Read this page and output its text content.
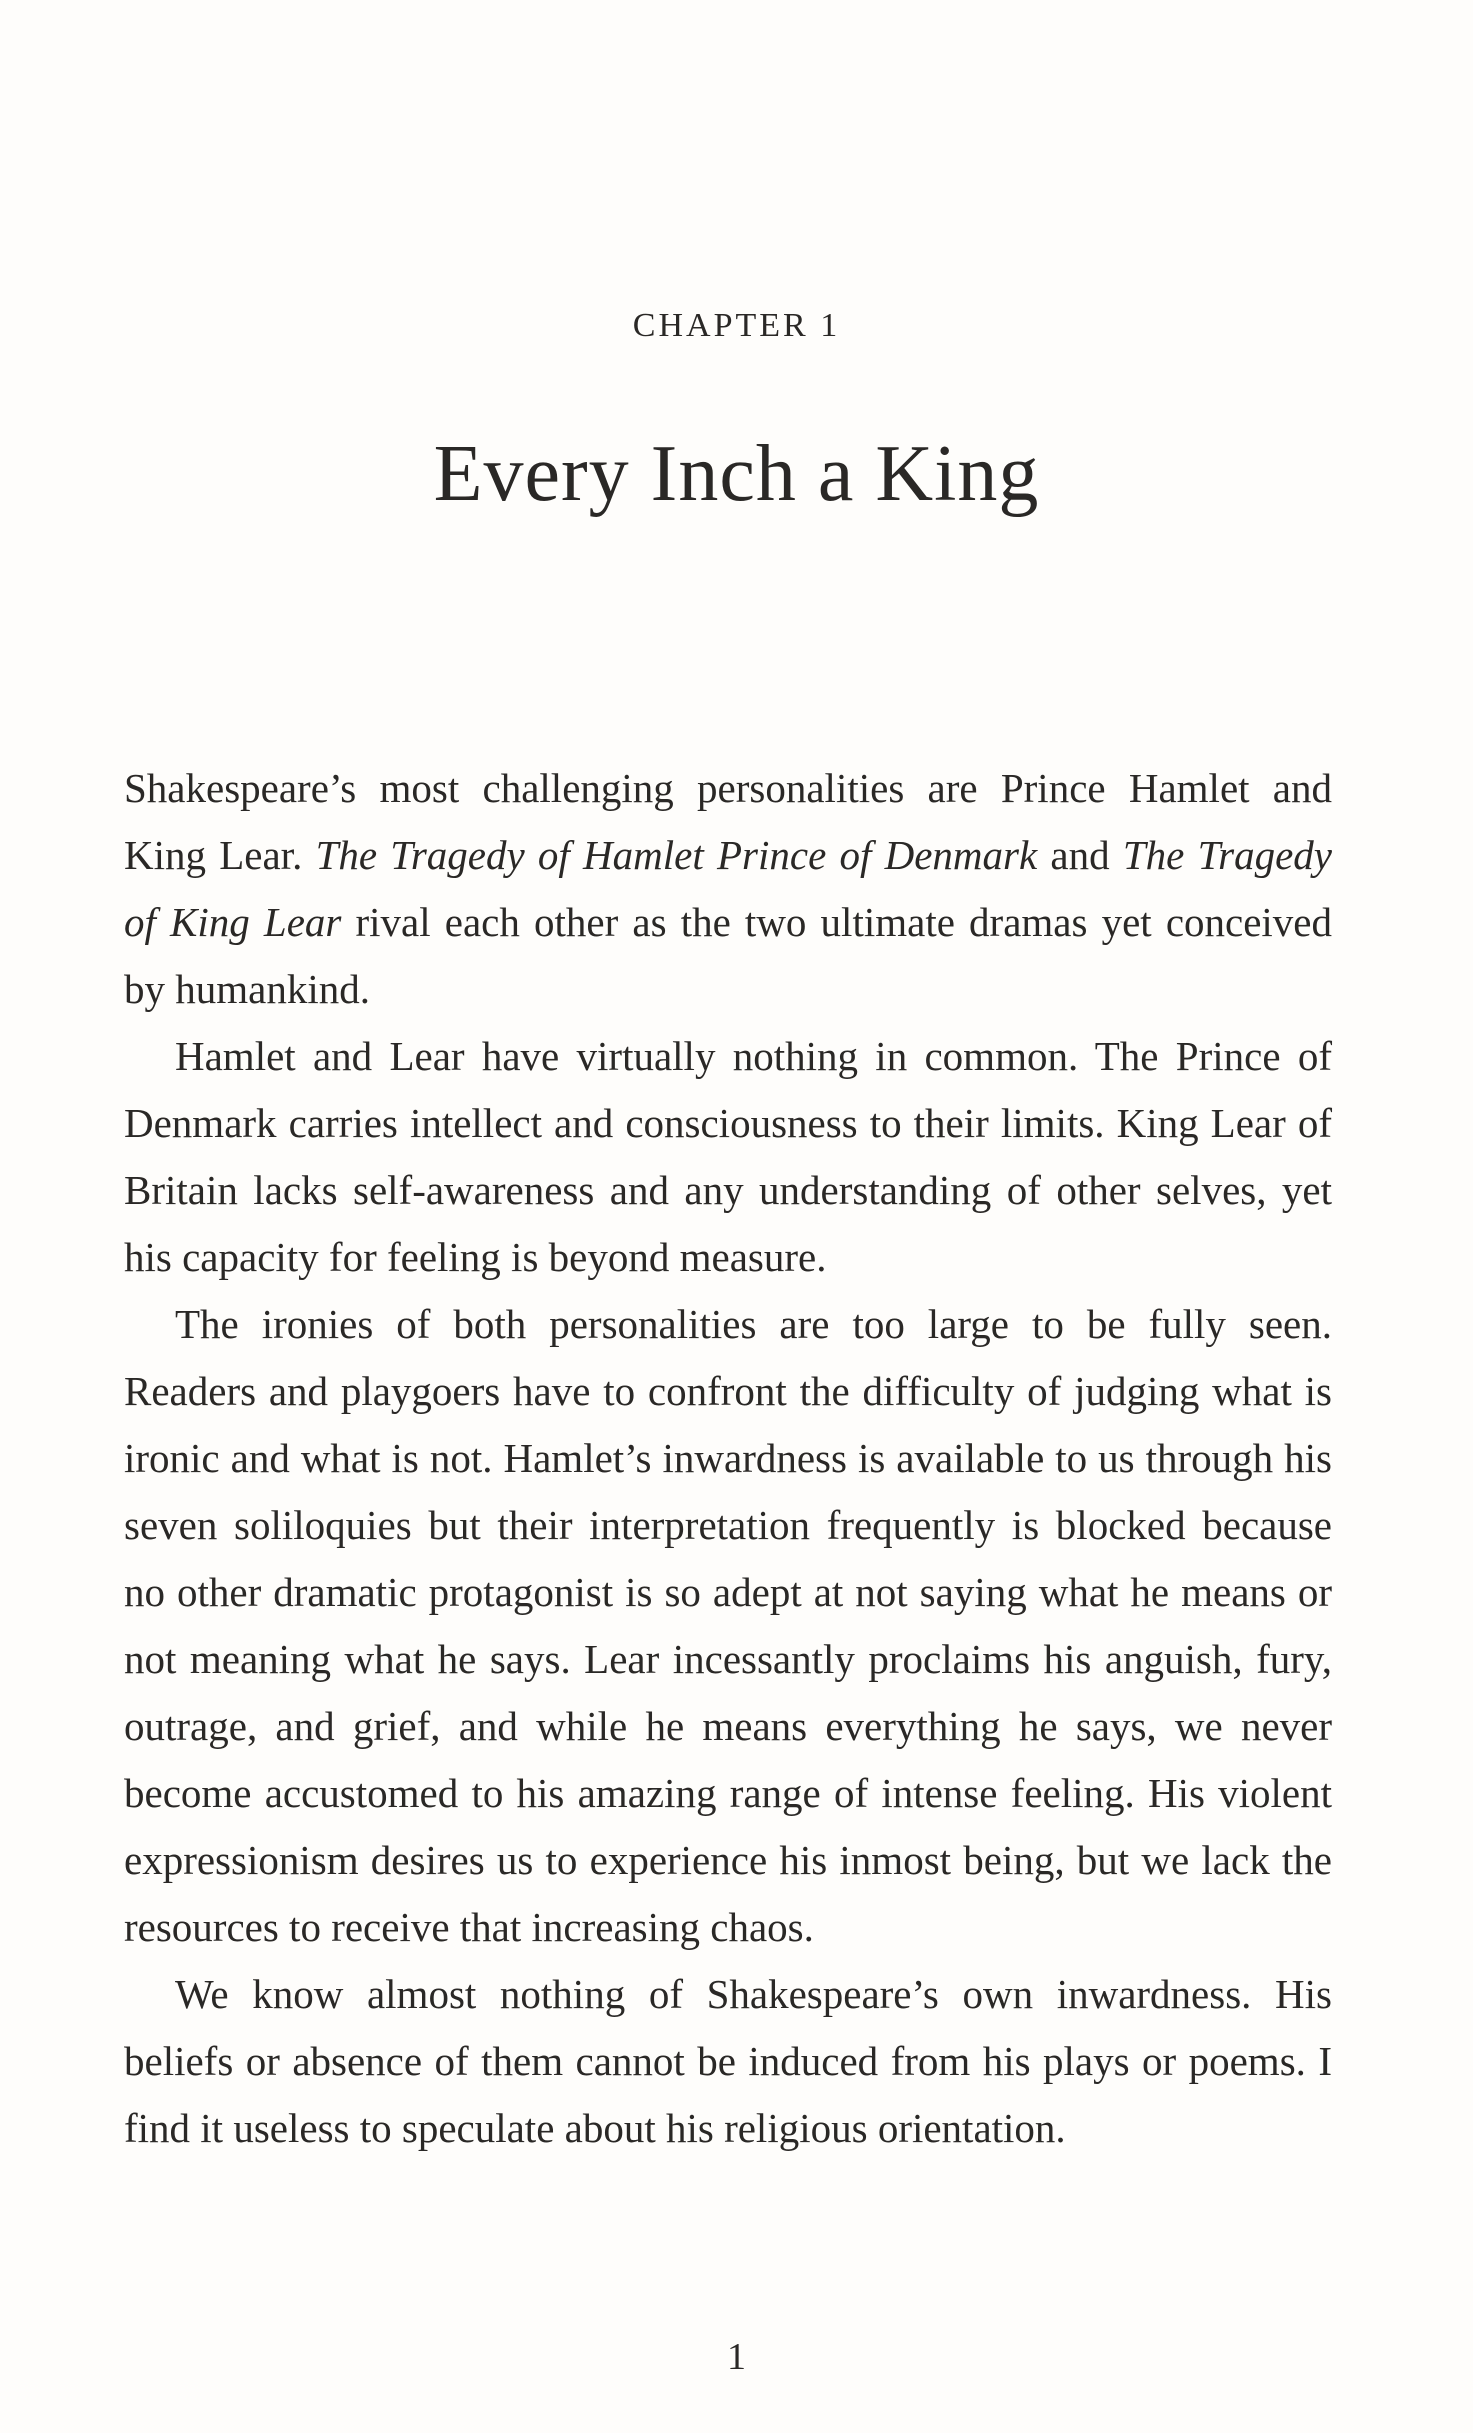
CHAPTER 1
Every Inch a King

Shakespeare’s most challenging personalities are Prince Hamlet and King Lear. The Tragedy of Hamlet Prince of Denmark and The Tragedy of King Lear rival each other as the two ultimate dramas yet conceived by humankind.

Hamlet and Lear have virtually nothing in common. The Prince of Denmark carries intellect and consciousness to their limits. King Lear of Britain lacks self-awareness and any understanding of other selves, yet his capacity for feeling is beyond measure.

The ironies of both personalities are too large to be fully seen. Readers and playgoers have to confront the difficulty of judging what is ironic and what is not. Hamlet’s inwardness is available to us through his seven soliloquies but their interpretation frequently is blocked because no other dramatic protagonist is so adept at not saying what he means or not meaning what he says. Lear incessantly proclaims his anguish, fury, outrage, and grief, and while he means everything he says, we never become accustomed to his amazing range of intense feeling. His violent expressionism desires us to experience his inmost being, but we lack the resources to receive that increasing chaos.

We know almost nothing of Shakespeare’s own inwardness. His beliefs or absence of them cannot be induced from his plays or poems. I find it useless to speculate about his religious orientation.

1
